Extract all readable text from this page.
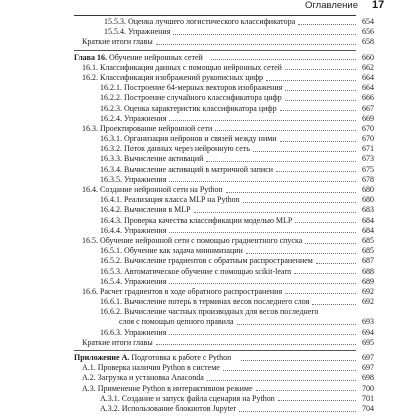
Оглавление 17
654
15.5.3. Оценка лучшего логистического классификатора
656
15.5.4. Упражнения
658
Краткие итоги главы
660
Глава 16. Обучение нейронных сетей
662
16.1. Классификация данных с помощью нейронных сетей
664
16.2. Классификация изображений рукописных цифр
664
16.2.1. Построение 64-мерных векторов изображения
666
16.2.2. Построение случайного классификатора цифр
667
16.2.3. Оценка характеристик классификатора цифр
669
16.2.4. Упражнения
670
16.3. Проектирование нейронной сети
670
16.3.1. Организация нейронов и связей между ними
671
16.3.2. Поток данных через нейронную сеть
673
16.3.3. Вычисление активаций
675
16.3.4. Вычисление активаций в матричной записи
678
16.3.5. Упражнения
680
16.4. Создание нейронной сети на Python
680
16.4.1. Реализация класса MLP на Python
683
16.4.2. Вычисления в MLP
684
16.4.3. Проверка качества классификации моделью MLP
684
16.4.4. Упражнения
685
16.5. Обучение нейронной сети с помощью градиентного спуска
685
16.5.1. Обучение как задача минимизации
687
16.5.2. Вычисление градиентов с обратным распространением
688
16.5.3. Автоматическое обучение с помощью scikit-learn
689
16.5.4. Упражнения
692
16.6. Расчет градиентов в ходе обратного распространения
692
16.6.1. Вычисление потерь в терминах весов последнего слоя
16.6.2. Вычисление частных производных для весов последнего
693
слоя с помощью цепного правила
694
16.6.3. Упражнения
695
Краткие итоги главы
697
Приложение А. Подготовка к работе с Python
697
А.1. Проверка наличия Python в системе
698
А.2. Загрузка и установка Anaconda
700
А.3. Применение Python в интерактивном режиме
701
А.3.1. Создание и запуск файла сценария на Python
704
А.3.2. Использование блокнотов Jupyter
